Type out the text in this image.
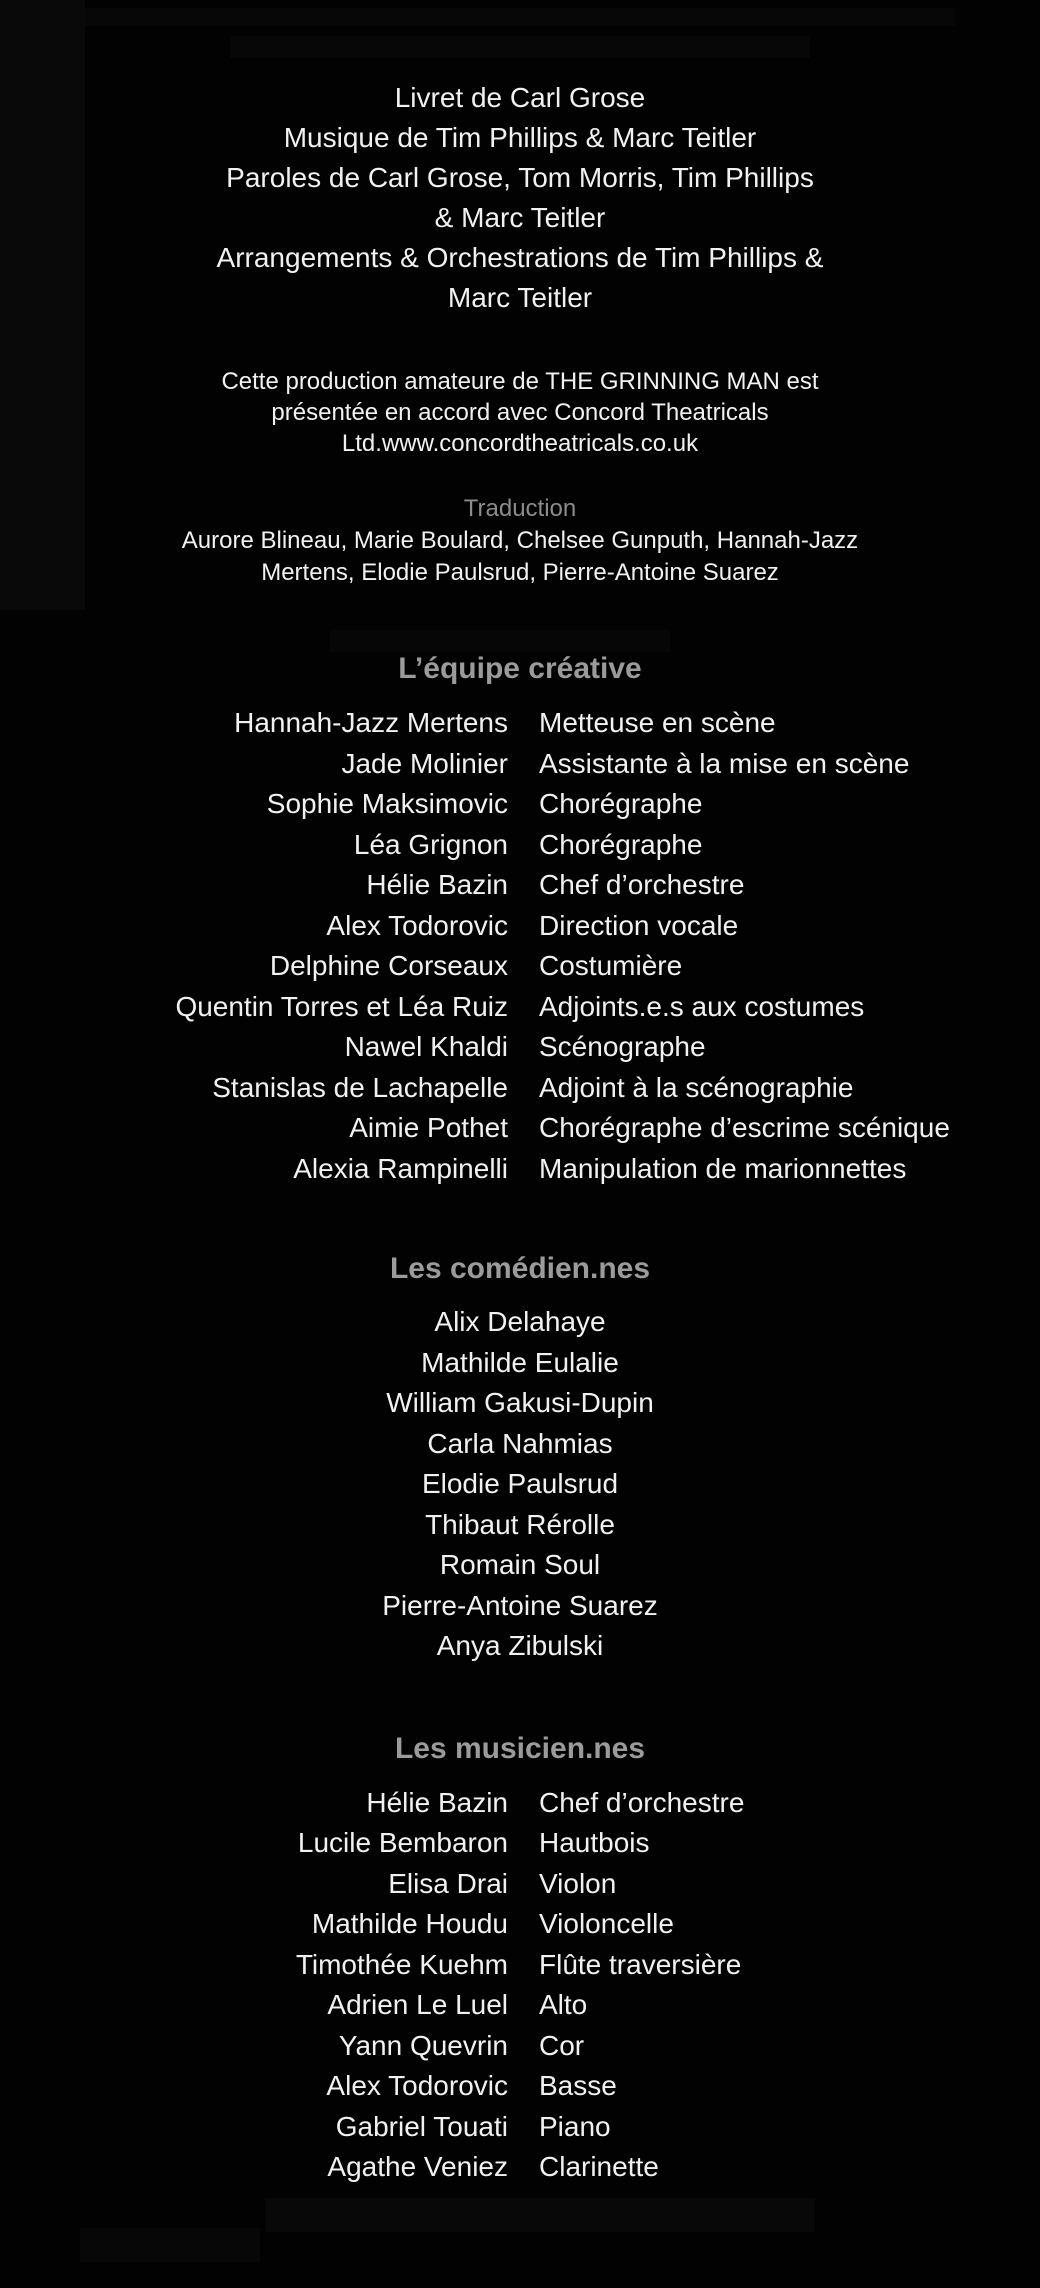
Livret de Carl Grose
Musique de Tim Phillips & Marc Teitler
Paroles de Carl Grose, Tom Morris, Tim Phillips
& Marc Teitler
Arrangements & Orchestrations de Tim Phillips &
Marc Teitler
Cette production amateure de THE GRINNING MAN est
présentée en accord avec Concord Theatricals
Ltd.www.concordtheatricals.co.uk
Traduction
Aurore Blineau, Marie Boulard, Chelsee Gunputh, Hannah-Jazz
Mertens, Elodie Paulsrud, Pierre-Antoine Suarez
L’équipe créative
Hannah-Jazz Mertens Metteuse en scène
Jade Molinier Assistante à la mise en scène
Sophie Maksimovic Chorégraphe
Léa Grignon Chorégraphe
Hélie Bazin Chef d’orchestre
Alex Todorovic Direction vocale
Delphine Corseaux Costumière
Quentin Torres et Léa Ruiz Adjoints.e.s aux costumes
Nawel Khaldi Scénographe
Stanislas de Lachapelle Adjoint à la scénographie
Aimie Pothet Chorégraphe d’escrime scénique
Alexia Rampinelli Manipulation de marionnettes
Les comédien.nes
Alix Delahaye
Mathilde Eulalie
William Gakusi-Dupin
Carla Nahmias
Elodie Paulsrud
Thibaut Rérolle
Romain Soul
Pierre-Antoine Suarez
Anya Zibulski
Les musicien.nes
Hélie Bazin Chef d’orchestre
Lucile Bembaron Hautbois
Elisa Drai Violon
Mathilde Houdu Violoncelle
Timothée Kuehm Flûte traversière
Adrien Le Luel Alto
Yann Quevrin Cor
Alex Todorovic Basse
Gabriel Touati Piano
Agathe Veniez Clarinette
